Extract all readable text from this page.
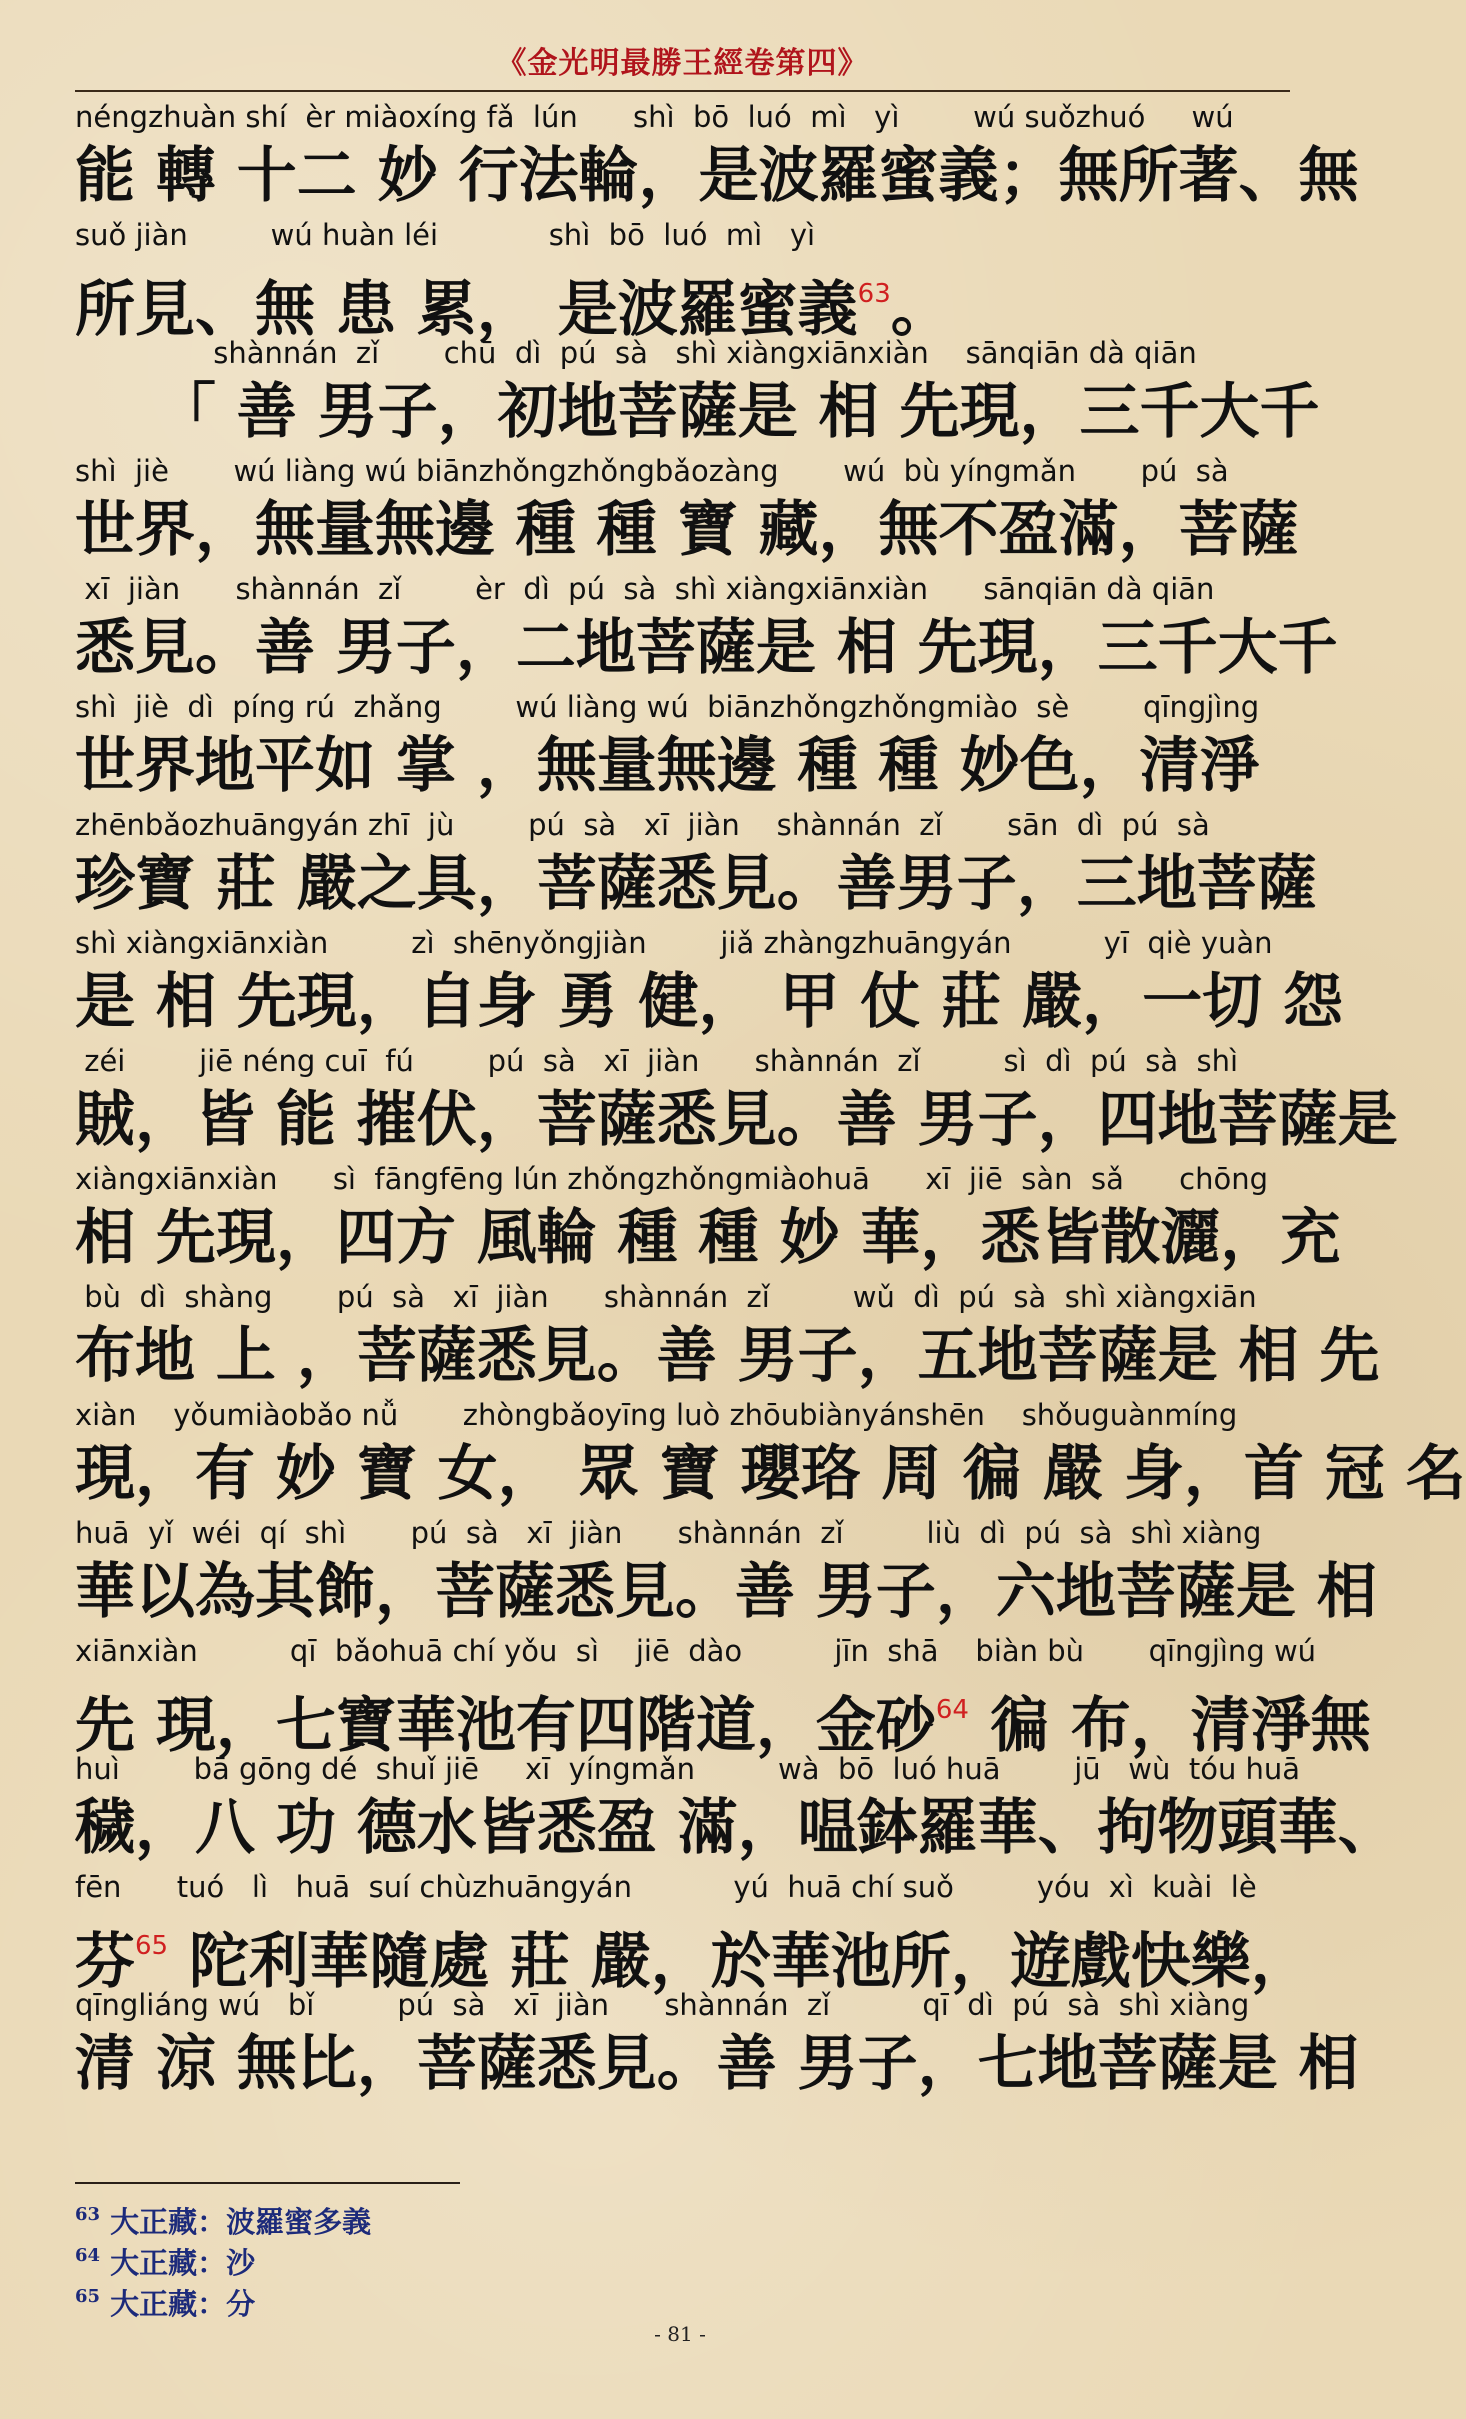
《金光明最勝王經卷第四》
néngzhuàn shí  èr miàoxíng fǎ  lún      shì  bō  luó  mì   yì        wú suǒzhuó     wú
能 轉 十二 妙 行法輪，是波羅蜜義；無所著、無
suǒ jiàn         wú huàn léi            shì  bō  luó  mì   yì
所見、無 患 累， 是波羅蜜義$^{63}$。
shànnán  zǐ       chū  dì  pú  sà   shì xiàngxiānxiàn    sānqiān dà qiān
　 「 善 男子，初地菩薩是 相 先現，三千大千
shì  jiè       wú liàng wú biānzhǒngzhǒngbǎozàng       wú  bù yíngmǎn       pú  sà
世界，無量無邊 種 種 寶 藏，無不盈滿，菩薩
xī  jiàn      shànnán  zǐ        èr  dì  pú  sà  shì xiàngxiānxiàn      sānqiān dà qiān
悉見。善 男子，二地菩薩是 相 先現，三千大千
shì  jiè  dì  píng rú  zhǎng        wú liàng wú  biānzhǒngzhǒngmiào  sè        qīngjìng
世界地平如 掌 ，無量無邊 種 種 妙色，清淨
zhēnbǎozhuāngyán zhī  jù        pú  sà   xī  jiàn    shànnán  zǐ       sān  dì  pú  sà
珍寶 莊 嚴之具，菩薩悉見。善男子，三地菩薩
shì xiàngxiānxiàn         zì  shēnyǒngjiàn        jiǎ zhàngzhuāngyán          yī  qiè yuàn
是 相 先現，自身 勇 健， 甲 仗 莊 嚴，一切 怨
zéi        jiē néng cuī  fú        pú  sà   xī  jiàn      shànnán  zǐ         sì  dì  pú  sà  shì
賊，皆 能 摧伏，菩薩悉見。善 男子，四地菩薩是
xiàngxiānxiàn      sì  fāngfēng lún zhǒngzhǒngmiàohuā      xī  jiē  sàn  sǎ      chōng
相 先現，四方 風輪 種 種 妙 華，悉皆散灑，充
bù  dì  shàng       pú  sà   xī  jiàn      shànnán  zǐ         wǔ  dì  pú  sà  shì xiàngxiān
布地 上 ，菩薩悉見。善 男子，五地菩薩是 相 先
xiàn    yǒumiàobǎo nǚ       zhòngbǎoyīng luò zhōubiànyánshēn    shǒuguànmíng
現，有 妙 寶 女， 眾 寶 瓔珞 周 徧 嚴 身，首 冠 名
huā  yǐ  wéi  qí  shì       pú  sà   xī  jiàn      shànnán  zǐ         liù  dì  pú  sà  shì xiàng
華以為其飾，菩薩悉見。善 男子，六地菩薩是 相
xiānxiàn          qī  bǎohuā chí yǒu  sì    jiē  dào          jīn  shā    biàn bù       qīngjìng wú
先 現，七寶華池有四階道，金砂$^{64}$ 徧 布，清淨無
huì        bā gōng dé  shuǐ jiē     xī  yíngmǎn         wà  bō  luó huā        jū   wù  tóu huā
穢，八 功 德水皆悉盈 滿，嗢鉢羅華、拘物頭華、
fēn      tuó   lì   huā  suí chùzhuāngyán           yú  huā chí suǒ         yóu  xì  kuài  lè
芬$^{65}$ 陀利華隨處 莊 嚴，於華池所，遊戲快樂，
qīngliáng wú   bǐ         pú  sà   xī  jiàn      shànnán  zǐ          qī  dì  pú  sà  shì xiàng
清 涼 無比，菩薩悉見。善 男子，七地菩薩是 相
$^{63}$ 大正藏：波羅蜜多義
$^{64}$ 大正藏：沙
$^{65}$ 大正藏：分
- 81 -
